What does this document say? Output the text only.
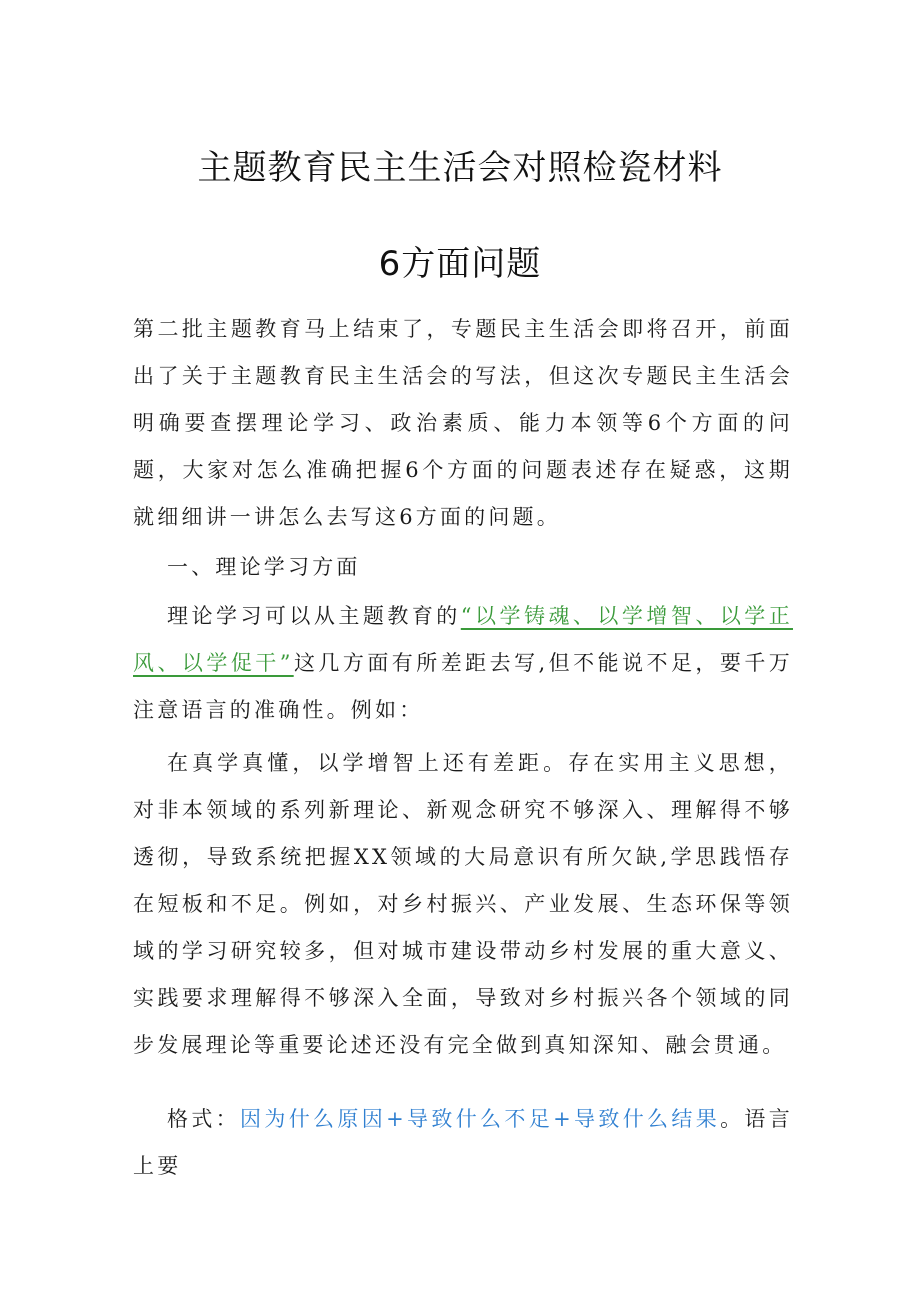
主题教育民主生活会对照检瓷材料
6方面问题
第二批主题教育马上结束了，专题民主生活会即将召开，前面出了关于主题教育民主生活会的写法，但这次专题民主生活会明确要查摆理论学习、政治素质、能力本领等6个方面的问题，大家对怎么准确把握6个方面的问题表述存在疑惑，这期就细细讲一讲怎么去写这6方面的问题。
一、理论学习方面
理论学习可以从主题教育的“以学铸魂、以学增智、以学正风、以学促干”这几方面有所差距去写,但不能说不足，要千万注意语言的准确性。例如：
在真学真懂，以学增智上还有差距。存在实用主义思想，对非本领域的系列新理论、新观念研究不够深入、理解得不够透彻，导致系统把握XX领域的大局意识有所欠缺,学思践悟存在短板和不足。例如，对乡村振兴、产业发展、生态环保等领域的学习研究较多，但对城市建设带动乡村发展的重大意义、实践要求理解得不够深入全面，导致对乡村振兴各个领域的同步发展理论等重要论述还没有完全做到真知深知、融会贯通。
格式：因为什么原因+导致什么不足+导致什么结果。语言上要
